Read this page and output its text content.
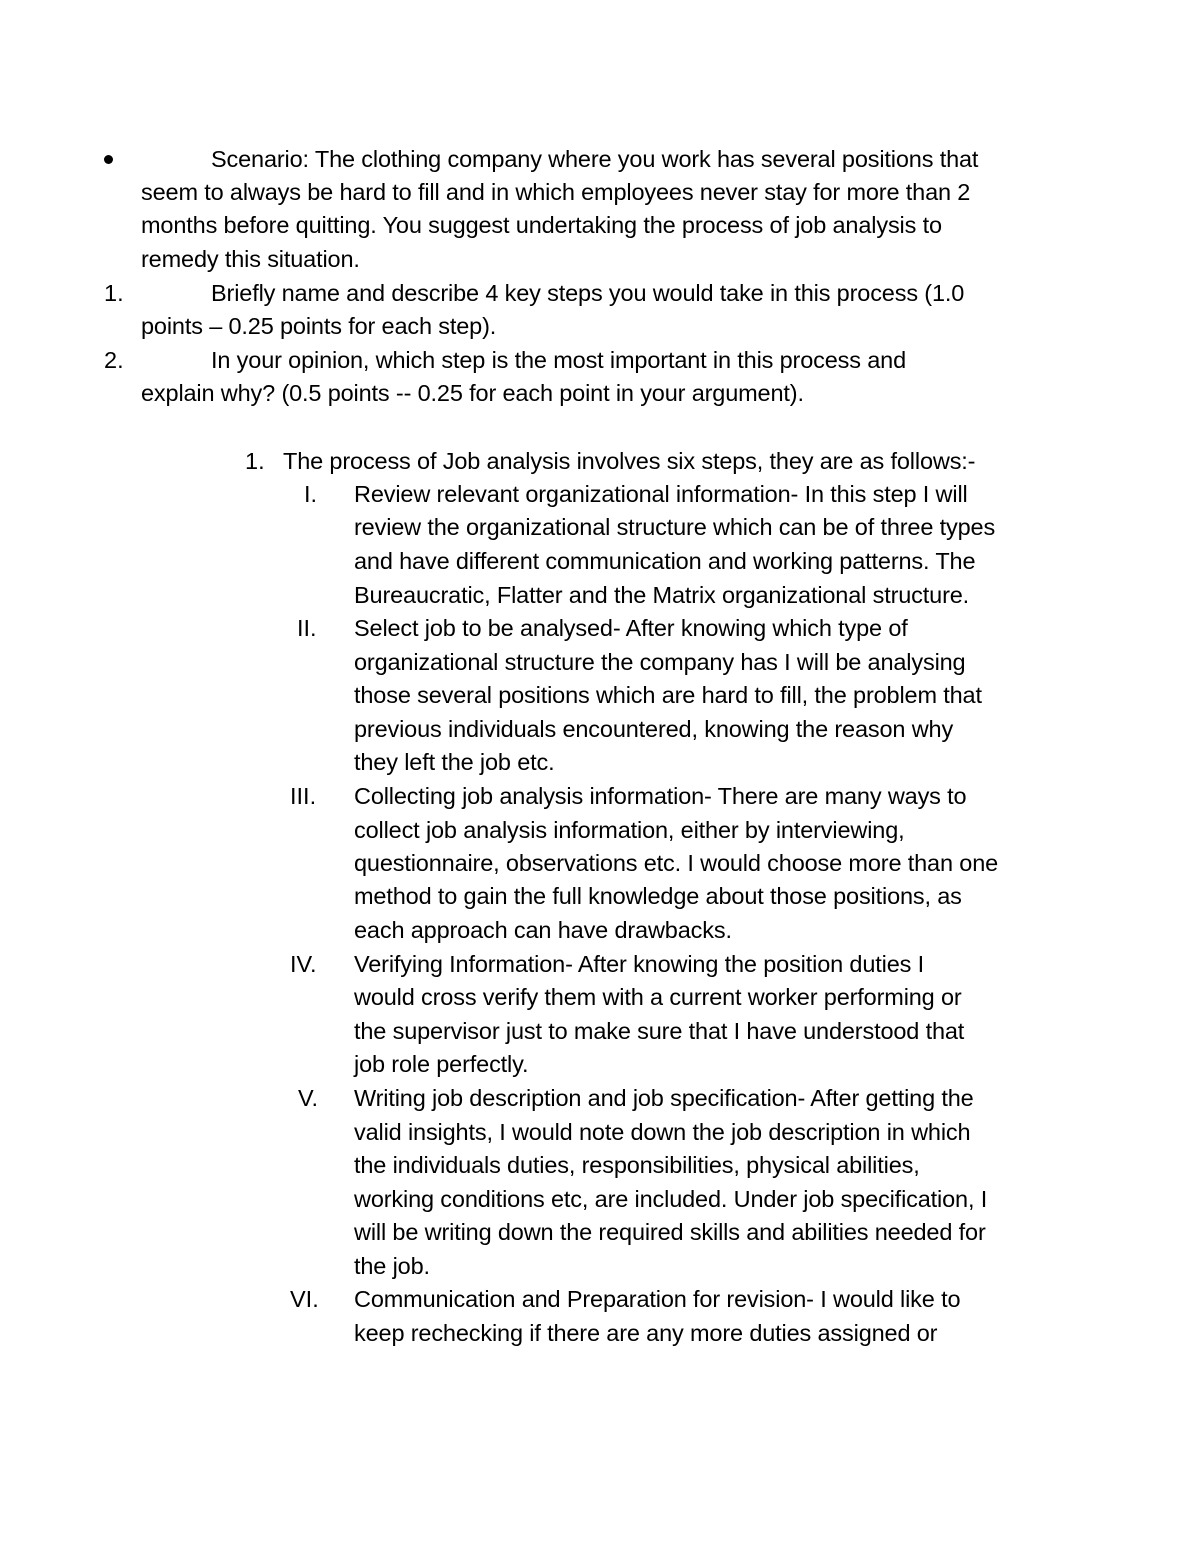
Scenario: The clothing company where you work has several positions that
seem to always be hard to fill and in which employees never stay for more than 2
months before quitting. You suggest undertaking the process of job analysis to
remedy this situation.
1.	Briefly name and describe 4 key steps you would take in this process (1.0
points – 0.25 points for each step).
2.	In your opinion, which step is the most important in this process and
explain why? (0.5 points -- 0.25 for each point in your argument).
1. The process of Job analysis involves six steps, they are as follows:-
I. Review relevant organizational information- In this step I will
review the organizational structure which can be of three types
and have different communication and working patterns. The
Bureaucratic, Flatter and the Matrix organizational structure.
II. Select job to be analysed- After knowing which type of
organizational structure the company has I will be analysing
those several positions which are hard to fill, the problem that
previous individuals encountered, knowing the reason why
they left the job etc.
III. Collecting job analysis information- There are many ways to
collect job analysis information, either by interviewing,
questionnaire, observations etc. I would choose more than one
method to gain the full knowledge about those positions, as
each approach can have drawbacks.
IV. Verifying Information- After knowing the position duties I
would cross verify them with a current worker performing or
the supervisor just to make sure that I have understood that
job role perfectly.
V. Writing job description and job specification- After getting the
valid insights, I would note down the job description in which
the individuals duties, responsibilities, physical abilities,
working conditions etc, are included. Under job specification, I
will be writing down the required skills and abilities needed for
the job.
VI. Communication and Preparation for revision- I would like to
keep rechecking if there are any more duties assigned or
